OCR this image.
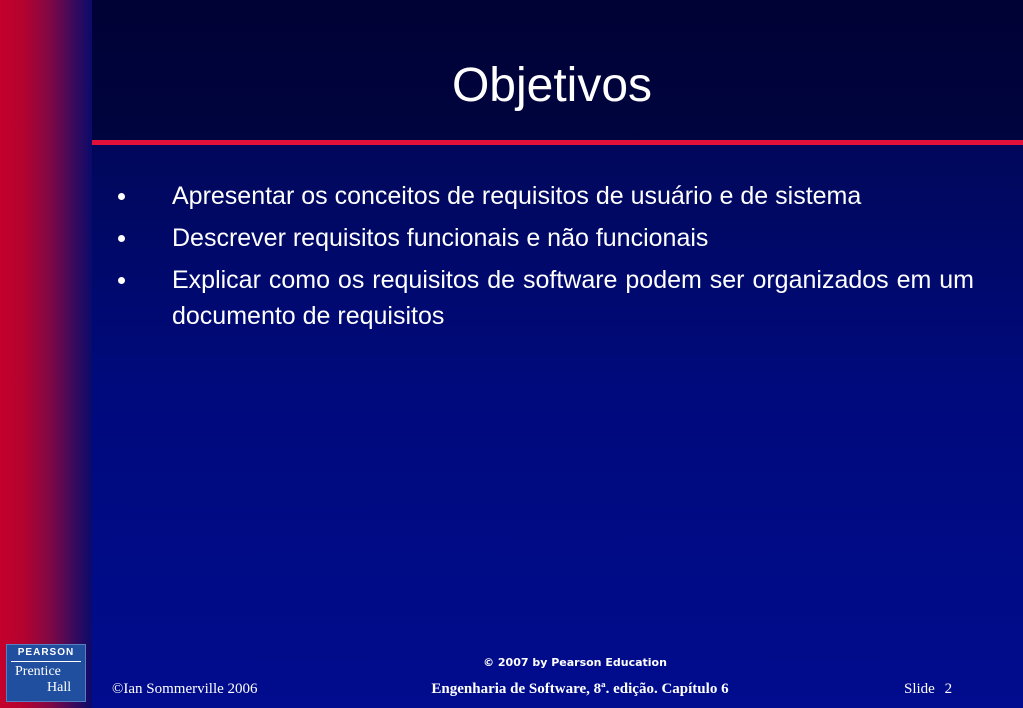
Objetivos
Apresentar os conceitos de requisitos de usuário e de sistema
Descrever requisitos funcionais e não funcionais
Explicar como os requisitos de software podem ser organizados em um documento de requisitos
PEARSON
Prentice
Hall
© 2007 by Pearson Education
©Ian Sommerville 2006	Engenharia de Software, 8ª. edição. Capítulo 6	Slide 2
